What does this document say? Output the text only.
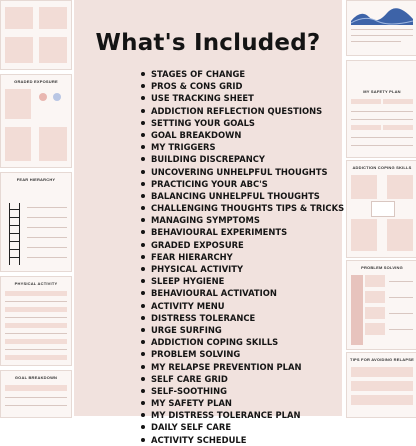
GRADED EXPOSURE
FEAR HIERARCHY
PHYSICAL ACTIVITY
GOAL BREAKDOWN
What's Included?
STAGES OF CHANGE
PROS & CONS GRID
USE TRACKING SHEET
ADDICTION REFLECTION QUESTIONS
SETTING YOUR GOALS
GOAL BREAKDOWN
MY TRIGGERS
BUILDING DISCREPANCY
UNCOVERING UNHELPFUL THOUGHTS
PRACTICING YOUR ABC'S
BALANCING UNHELPFUL THOUGHTS
CHALLENGING THOUGHTS TIPS & TRICKS
MANAGING SYMPTOMS
BEHAVIOURAL EXPERIMENTS
GRADED EXPOSURE
FEAR HIERARCHY
PHYSICAL ACTIVITY
SLEEP HYGIENE
BEHAVIOURAL ACTIVATION
ACTIVITY MENU
DISTRESS TOLERANCE
URGE SURFING
ADDICTION COPING SKILLS
PROBLEM SOLVING
MY RELAPSE PREVENTION PLAN
SELF CARE GRID
SELF-SOOTHING
MY SAFETY PLAN
MY DISTRESS TOLERANCE PLAN
DAILY SELF CARE
ACTIVITY SCHEDULE
MY SAFETY PLAN
ADDICTION COPING SKILLS
PROBLEM SOLVING
TIPS FOR AVOIDING RELAPSE
